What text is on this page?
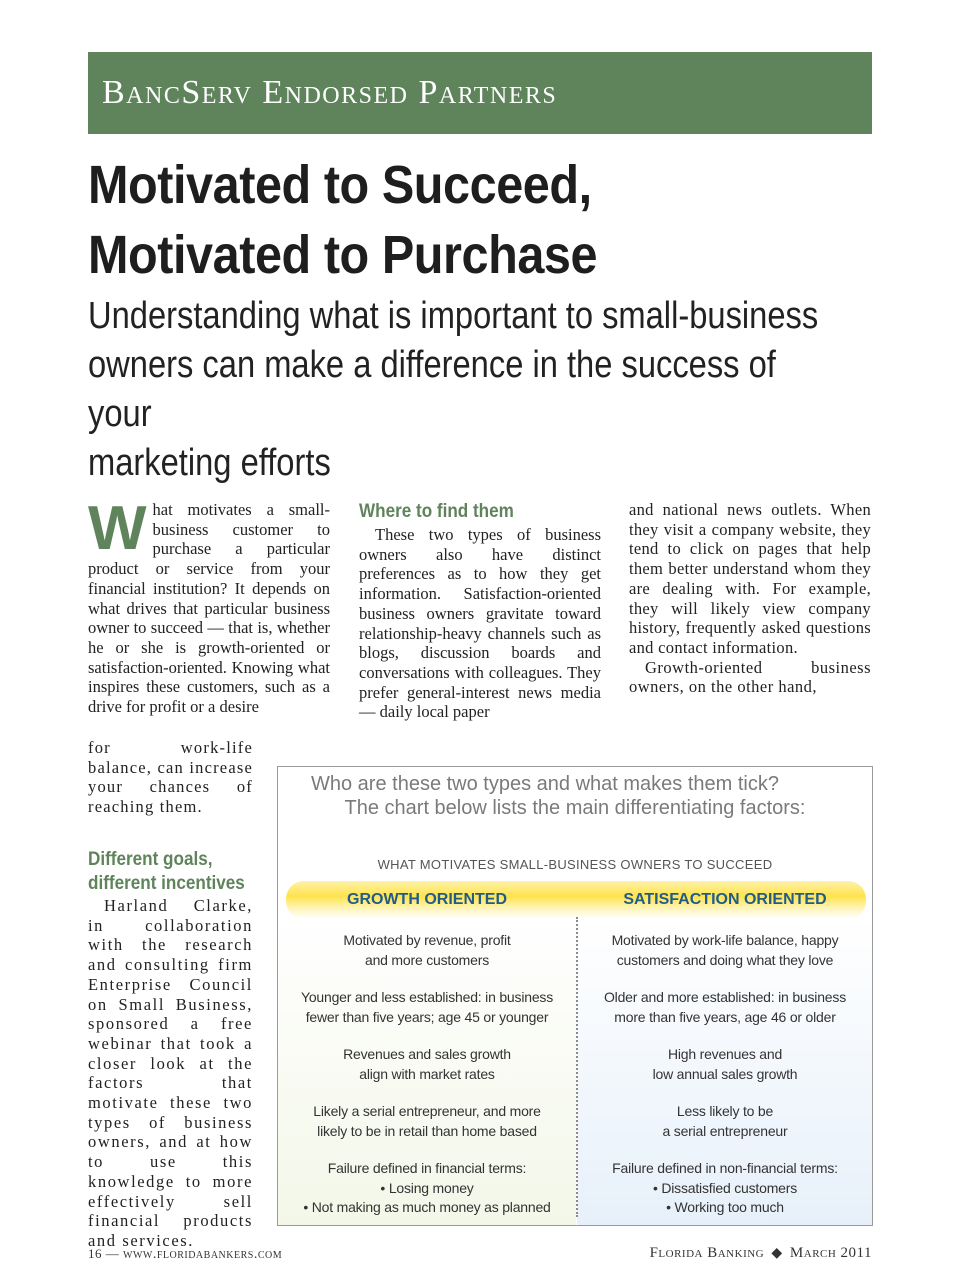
BancServ Endorsed Partners
Motivated to Succeed,
Motivated to Purchase
Understanding what is important to small-business
owners can make a difference in the success of your
marketing efforts
W hat motivates a small-business customer to purchase a particular product or service from your financial institution? It depends on what drives that particular business owner to succeed — that is, whether he or she is growth-oriented or satisfaction-oriented. Knowing what inspires these customers, such as a drive for profit or a desire
for work-life balance, can increase your chances of reaching them.
Different goals,
different incentives
Harland Clarke, in collaboration with the research and consulting firm Enterprise Council on Small Business, sponsored a free webinar that took a closer look at the factors that motivate these two types of business owners, and at how to use this knowledge to more effectively sell financial products and services.
Where to find them
These two types of business owners also have distinct preferences as to how they get information. Satisfaction-oriented business owners gravitate toward relationship-heavy channels such as blogs, discussion boards and conversations with colleagues. They prefer general-interest news media — daily local paper
and national news outlets. When they visit a company website, they tend to click on pages that help them better understand whom they are dealing with. For example, they will likely view company history, frequently asked questions and contact information.
Growth-oriented business owners, on the other hand,
Who are these two types and what makes them tick?
The chart below lists the main differentiating factors:
WHAT MOTIVATES SMALL-BUSINESS OWNERS TO SUCCEED
GROWTH ORIENTED	SATISFACTION ORIENTED
Motivated by revenue, profit
and more customers
Motivated by work-life balance, happy
customers and doing what they love
Younger and less established: in business
fewer than five years; age 45 or younger
Older and more established: in business
more than five years, age 46 or older
Revenues and sales growth
align with market rates
High revenues and
low annual sales growth
Likely a serial entrepreneur, and more
likely to be in retail than home based
Less likely to be
a serial entrepreneur
Failure defined in financial terms:
• Losing money
• Not making as much money as planned
Failure defined in non-financial terms:
• Dissatisfied customers
• Working too much
16 — www.floridabankers.com	Florida Banking ◆ March 2011
